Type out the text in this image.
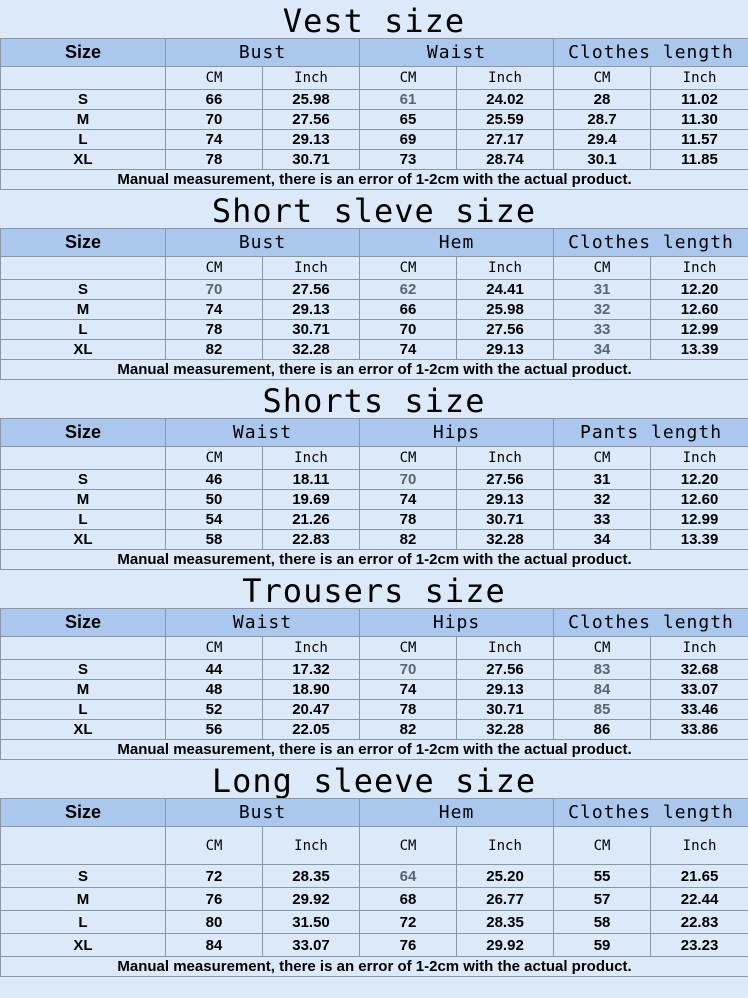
Vest size
Size	Bust		Waist		Clothes length	
	CM	Inch	CM	Inch	CM	Inch
S	66	25.98	61	24.02	28	11.02
M	70	27.56	65	25.59	28.7	11.30
L	74	29.13	69	27.17	29.4	11.57
XL	78	30.71	73	28.74	30.1	11.85
Manual measurement, there is an error of 1-2cm with the actual product.						
Short sleve size
Size	Bust		Hem		Clothes length	
	CM	Inch	CM	Inch	CM	Inch
S	70	27.56	62	24.41	31	12.20
M	74	29.13	66	25.98	32	12.60
L	78	30.71	70	27.56	33	12.99
XL	82	32.28	74	29.13	34	13.39
Manual measurement, there is an error of 1-2cm with the actual product.						
Shorts size
Size	Waist		Hips		Pants length	
	CM	Inch	CM	Inch	CM	Inch
S	46	18.11	70	27.56	31	12.20
M	50	19.69	74	29.13	32	12.60
L	54	21.26	78	30.71	33	12.99
XL	58	22.83	82	32.28	34	13.39
Manual measurement, there is an error of 1-2cm with the actual product.						
Trousers size
Size	Waist		Hips		Clothes length	
	CM	Inch	CM	Inch	CM	Inch
S	44	17.32	70	27.56	83	32.68
M	48	18.90	74	29.13	84	33.07
L	52	20.47	78	30.71	85	33.46
XL	56	22.05	82	32.28	86	33.86
Manual measurement, there is an error of 1-2cm with the actual product.						
Long sleeve size
Size	Bust		Hem		Clothes length	
	CM	Inch	CM	Inch	CM	Inch
S	72	28.35	64	25.20	55	21.65
M	76	29.92	68	26.77	57	22.44
L	80	31.50	72	28.35	58	22.83
XL	84	33.07	76	29.92	59	23.23
Manual measurement, there is an error of 1-2cm with the actual product.						
